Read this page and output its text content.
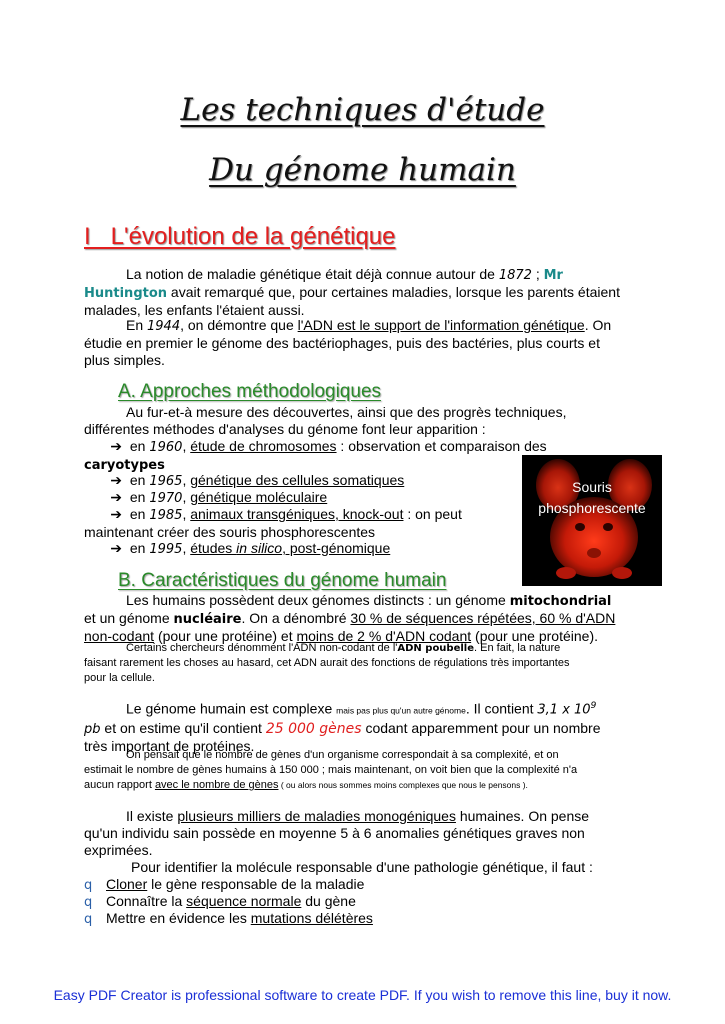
Les techniques d'étude
Du génome humain
I   L'évolution de la génétique
La notion de maladie génétique était déjà connue autour de 1872 ; Mr
Huntington avait remarqué que, pour certaines maladies, lorsque les parents étaient
malades, les enfants l'étaient aussi.
En 1944, on démontre que l'ADN est le support de l'information génétique. On
étudie en premier le génome des bactériophages, puis des bactéries, plus courts et
plus simples.
A. Approches méthodologiques
Au fur-et-à mesure des découvertes, ainsi que des progrès techniques,
différentes méthodes d'analyses du génome font leur apparition :
➔ en 1960, étude de chromosomes : observation et comparaison des
caryotypes
➔ en 1965, génétique des cellules somatiques
➔ en 1970, génétique moléculaire
➔ en 1985, animaux transgéniques, knock-out : on peut
maintenant créer des souris phosphorescentes
➔ en 1995, études in silico, post-génomique
Souris
phosphorescente
B. Caractéristiques du génome humain
Les humains possèdent deux génomes distincts : un génome mitochondrial
et un génome nucléaire. On a dénombré 30 % de séquences répétées, 60 % d'ADN
non-codant (pour une protéine) et moins de 2 % d'ADN codant (pour une protéine).
Certains chercheurs dénomment l'ADN non-codant de l'ADN poubelle. En fait, la nature
faisant rarement les choses au hasard, cet ADN aurait des fonctions de régulations très importantes
pour la cellule.
Le génome humain est complexe mais pas plus qu'un autre génome. Il contient 3,1 x $10^9$
pb et on estime qu'il contient 25 000 gènes codant apparemment pour un nombre
très important de protéines.
On pensait que le nombre de gènes d'un organisme correspondait à sa complexité, et on
estimait le nombre de gènes humains à 150 000 ; mais maintenant, on voit bien que la complexité n'a
aucun rapport avec le nombre de gènes ( ou alors nous sommes moins complexes que nous le pensons ).
Il existe plusieurs milliers de maladies monogéniques humaines. On pense
qu'un individu sain possède en moyenne 5 à 6 anomalies génétiques graves non
exprimées.
Pour identifier la molécule responsable d'une pathologie génétique, il faut :
q Cloner le gène responsable de la maladie
q Connaître la séquence normale du gène
q Mettre en évidence les mutations délétères
Easy PDF Creator is professional software to create PDF. If you wish to remove this line, buy it now.
